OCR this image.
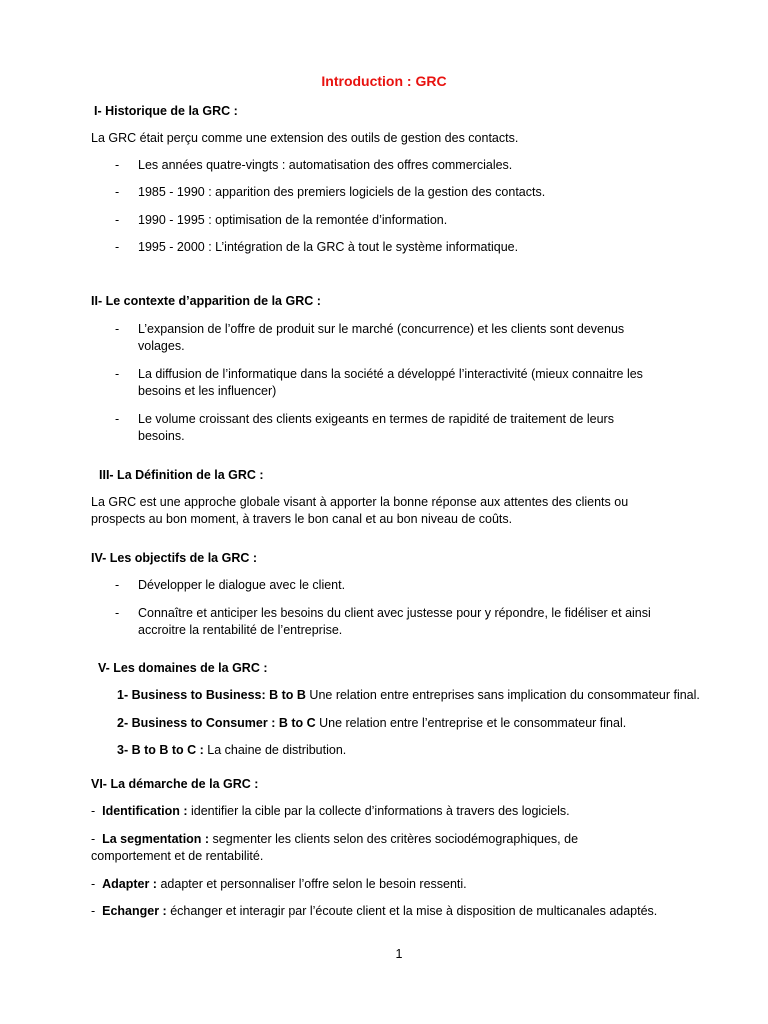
Introduction : GRC
I- Historique de la GRC :
La GRC était perçu comme une extension des outils de gestion des contacts.
-	Les années quatre-vingts : automatisation des offres commerciales.
-	1985 - 1990 : apparition des premiers logiciels de la gestion des contacts.
-	1990 - 1995 : optimisation de la remontée d’information.
-	1995 - 2000 : L’intégration de la GRC à tout le système informatique.
II- Le contexte d’apparition de la GRC :
-	L’expansion de l’offre de produit sur le marché (concurrence) et les clients sont devenus volages.
-	La diffusion de l’informatique dans la société a développé l’interactivité (mieux connaitre les besoins et les influencer)
-	Le volume croissant des clients exigeants en termes de rapidité de traitement de leurs besoins.
III- La Définition de la GRC :
La GRC est une approche globale visant à apporter la bonne réponse aux attentes des clients ou prospects au bon moment, à travers le bon canal et au bon niveau de coûts.
IV- Les objectifs de la GRC :
-	Développer le dialogue avec le client.
-	Connaître et anticiper les besoins du client avec justesse pour y répondre, le fidéliser et ainsi accroitre la rentabilité de l’entreprise.
V- Les domaines de la GRC :
1- Business to Business: B to B Une relation entre entreprises sans implication du consommateur final.
2- Business to Consumer : B to C Une relation entre l’entreprise et le consommateur final.
3- B to B to C : La chaine de distribution.
VI- La démarche de la GRC :
-  Identification : identifier la cible par la collecte d’informations à travers des logiciels.
-  La segmentation : segmenter les clients selon des critères sociodémographiques, de comportement et de rentabilité.
-  Adapter : adapter et personnaliser l’offre selon le besoin ressenti.
-  Echanger : échanger et interagir par l’écoute client et la mise à disposition de multicanales adaptés.
1
